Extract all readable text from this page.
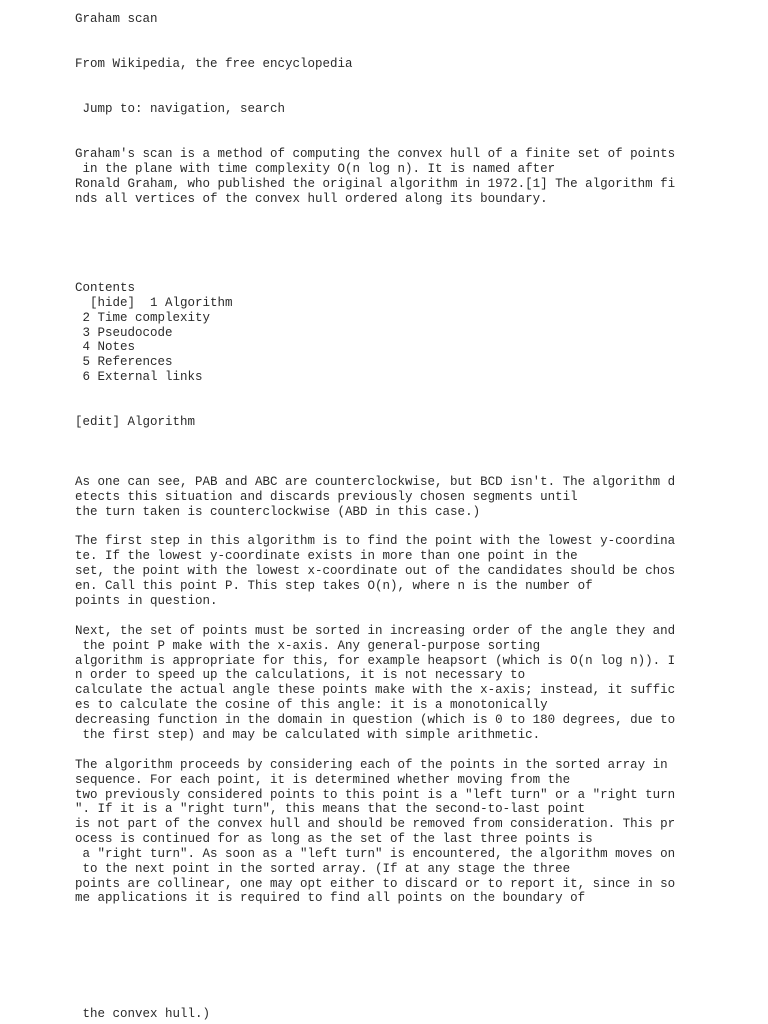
Graham scan
From Wikipedia, the free encyclopedia
Jump to: navigation, search
Graham's scan is a method of computing the convex hull of a finite set of points
in the plane with time complexity O(n log n). It is named after
Ronald Graham, who published the original algorithm in 1972.[1] The algorithm fi
nds all vertices of the convex hull ordered along its boundary.
Contents
[hide]  1 Algorithm
2 Time complexity
3 Pseudocode
4 Notes
5 References
6 External links
[edit] Algorithm
As one can see, PAB and ABC are counterclockwise, but BCD isn't. The algorithm d
etects this situation and discards previously chosen segments until
the turn taken is counterclockwise (ABD in this case.)
The first step in this algorithm is to find the point with the lowest y-coordina
te. If the lowest y-coordinate exists in more than one point in the
set, the point with the lowest x-coordinate out of the candidates should be chos
en. Call this point P. This step takes O(n), where n is the number of
points in question.
Next, the set of points must be sorted in increasing order of the angle they and
the point P make with the x-axis. Any general-purpose sorting
algorithm is appropriate for this, for example heapsort (which is O(n log n)). I
n order to speed up the calculations, it is not necessary to
calculate the actual angle these points make with the x-axis; instead, it suffic
es to calculate the cosine of this angle: it is a monotonically
decreasing function in the domain in question (which is 0 to 180 degrees, due to
the first step) and may be calculated with simple arithmetic.
The algorithm proceeds by considering each of the points in the sorted array in
sequence. For each point, it is determined whether moving from the
two previously considered points to this point is a "left turn" or a "right turn
". If it is a "right turn", this means that the second-to-last point
is not part of the convex hull and should be removed from consideration. This pr
ocess is continued for as long as the set of the last three points is
a "right turn". As soon as a "left turn" is encountered, the algorithm moves on
to the next point in the sorted array. (If at any stage the three
points are collinear, one may opt either to discard or to report it, since in so
me applications it is required to find all points on the boundary of
the convex hull.)
